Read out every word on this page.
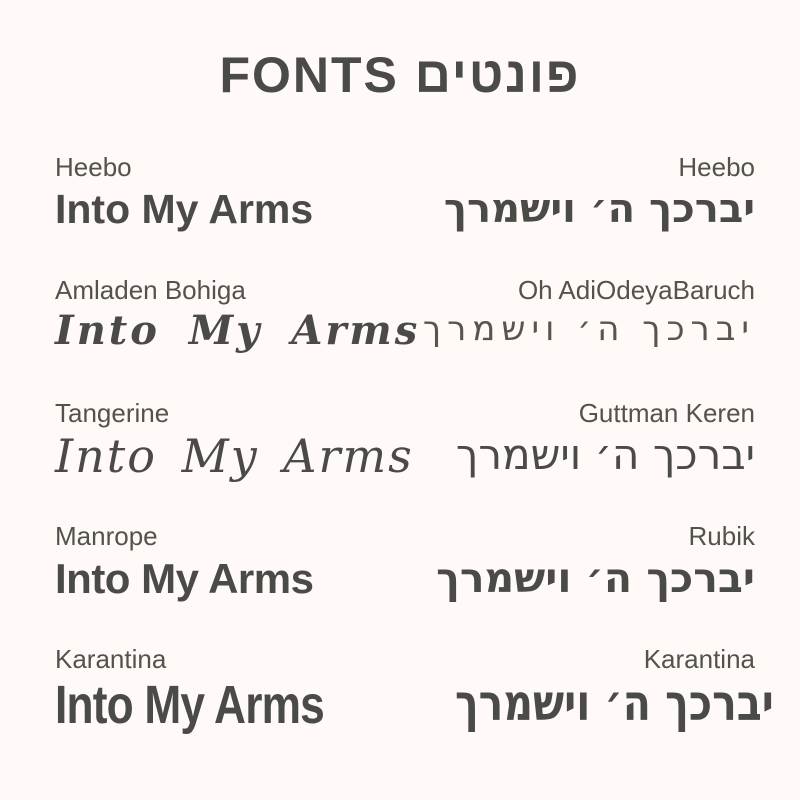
FONTS פונטים
Heebo
Into My Arms
Heebo
יברכך ה׳ וישמרך
Amladen Bohiga
Into My Arms
Oh AdiOdeyaBaruch
יברכך ה׳ וישמרך
Tangerine
Into My Arms
Guttman Keren
יברכך ה׳ וישמרך
Manrope
Into My Arms
Rubik
יברכך ה׳ וישמרך
Karantina
Into My Arms
Karantina
יברכך ה׳ וישמרך
